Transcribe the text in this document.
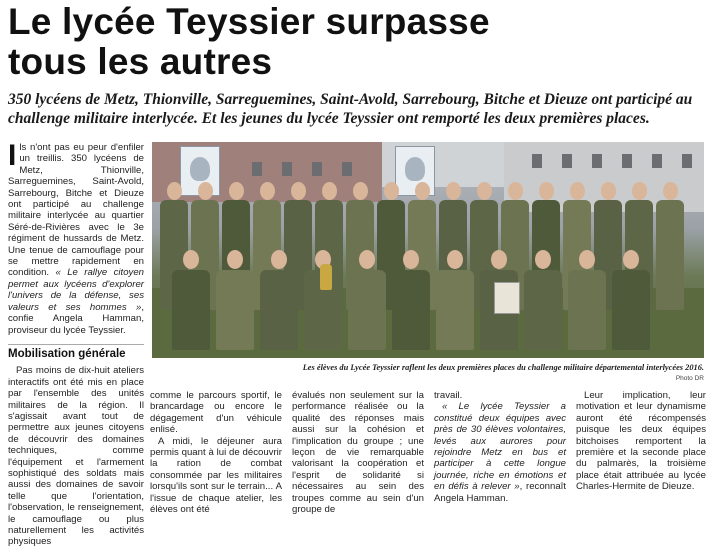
Le lycée Teyssier surpasse
tous les autres
350 lycéens de Metz, Thionville, Sarreguemines, Saint-Avold, Sarrebourg, Bitche et Dieuze ont participé au challenge militaire interlycée. Et les jeunes du lycée Teyssier ont remporté les deux premières places.

Ils n'ont pas eu peur d'enfiler un treillis. 350 lycéens de Metz, Thionville, Sarreguemines, Saint-Avold, Sarrebourg, Bitche et Dieuze ont participé au challenge militaire interlycée au quartier Séré-de-Rivières avec le 3e régiment de hussards de Metz. Une tenue de camouflage pour se mettre rapidement en condition. « Le rallye citoyen permet aux lycéens d'explorer l'univers de la défense, ses valeurs et ses hommes », confie Angela Hamman, proviseur du lycée Teyssier.

Mobilisation générale

Pas moins de dix-huit ateliers interactifs ont été mis en place par l'ensemble des unités militaires de la région. Il s'agissait avant tout de permettre aux jeunes citoyens de découvrir des domaines techniques, comme l'équipement et l'armement sophistiqué des soldats mais aussi des domaines de savoir telle que l'orientation, l'observation, le renseignement, le camouflage ou plus naturellement les activités physiques

Les élèves du Lycée Teyssier raflent les deux premières places du challenge militaire départemental interlycées 2016.
Photo DR
comme le parcours sportif, le brancardage ou encore le dégagement d'un véhicule enlisé.
A midi, le déjeuner aura permis quant à lui de découvrir la ration de combat consommée par les militaires lorsqu'ils sont sur le terrain... A l'issue de chaque atelier, les élèves ont été
évalués non seulement sur la performance réalisée ou la qualité des réponses mais aussi sur la cohésion et l'implication du groupe ; une leçon de vie remarquable valorisant la coopération et l'esprit de solidarité si nécessaires au sein des troupes comme au sein d'un groupe de
travail.
« Le lycée Teyssier a constitué deux équipes avec près de 30 élèves volontaires, levés aux aurores pour rejoindre Metz en bus et participer à cette longue journée, riche en émotions et en défis à relever », reconnaît Angela Hamman.
Leur implication, leur motivation et leur dynamisme auront été récompensés puisque les deux équipes bitchoises remportent la première et la seconde place du palmarès, la troisième place était attribuée au lycée Charles-Hermite de Dieuze.
